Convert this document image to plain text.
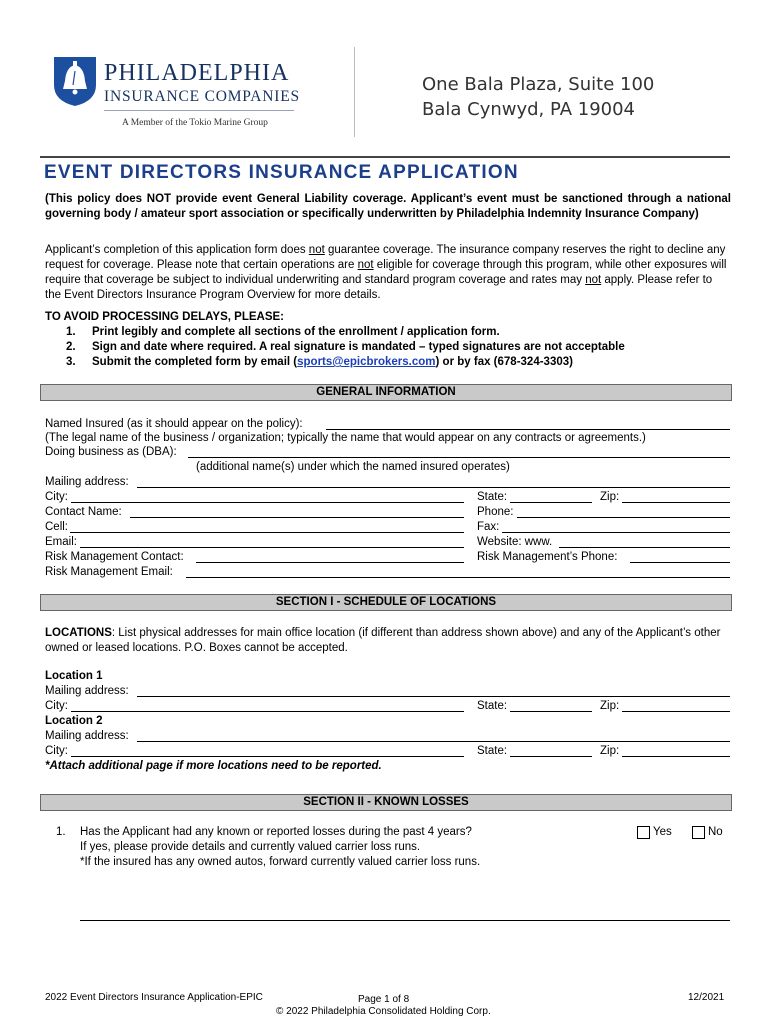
PHILADELPHIA
INSURANCE COMPANIES
A Member of the Tokio Marine Group
One Bala Plaza, Suite 100
Bala Cynwyd, PA 19004
EVENT DIRECTORS INSURANCE APPLICATION
(This policy does NOT provide event General Liability coverage. Applicant’s event must be sanctioned through a national governing body / amateur sport association or specifically underwritten by Philadelphia Indemnity Insurance Company)
Applicant’s completion of this application form does not guarantee coverage. The insurance company reserves the right to decline any request for coverage. Please note that certain operations are not eligible for coverage through this program, while other exposures will require that coverage be subject to individual underwriting and standard program coverage and rates may not apply. Please refer to the Event Directors Insurance Program Overview for more details.
TO AVOID PROCESSING DELAYS, PLEASE:
1. Print legibly and complete all sections of the enrollment / application form.
2. Sign and date where required. A real signature is mandated – typed signatures are not acceptable
3. Submit the completed form by email (sports@epicbrokers.com) or by fax (678-324-3303)
GENERAL INFORMATION
Named Insured (as it should appear on the policy):
(The legal name of the business / organization; typically the name that would appear on any contracts or agreements.)
Doing business as (DBA):
(additional name(s) under which the named insured operates)
Mailing address:
City:	State:	Zip:
Contact Name:	Phone:
Cell:	Fax:
Email:	Website: www.
Risk Management Contact:	Risk Management’s Phone:
Risk Management Email:
SECTION I - SCHEDULE OF LOCATIONS
LOCATIONS: List physical addresses for main office location (if different than address shown above) and any of the Applicant’s other owned or leased locations. P.O. Boxes cannot be accepted.
Location 1
Mailing address:
City:	State:	Zip:
Location 2
Mailing address:
City:	State:	Zip:
*Attach additional page if more locations need to be reported.
SECTION II - KNOWN LOSSES
1. Has the Applicant had any known or reported losses during the past 4 years?
If yes, please provide details and currently valued carrier loss runs.
*If the insured has any owned autos, forward currently valued carrier loss runs.
Yes	No
2022 Event Directors Insurance Application-EPIC	Page 1 of 8	12/2021
© 2022 Philadelphia Consolidated Holding Corp.
